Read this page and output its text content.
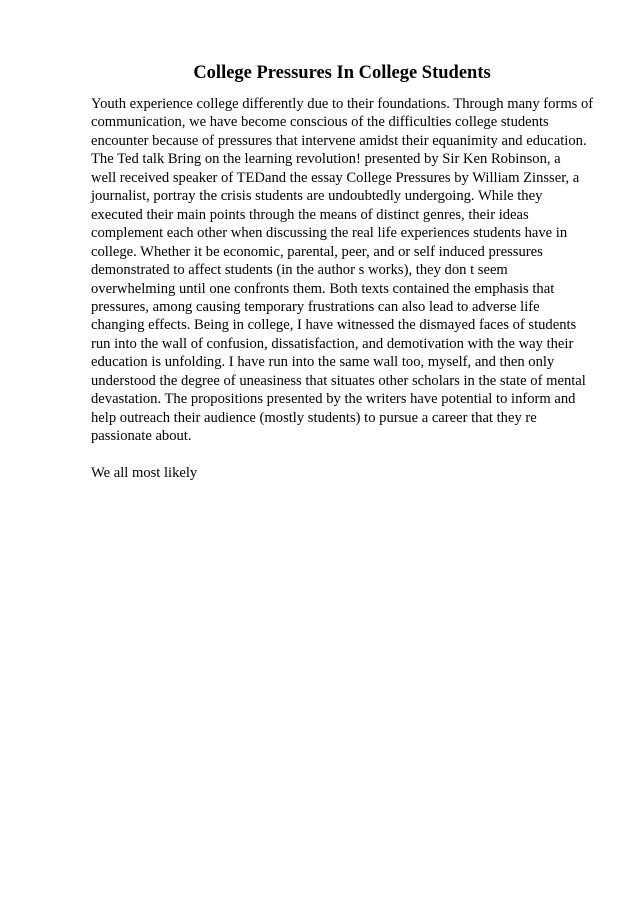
College Pressures In College Students
Youth experience college differently due to their foundations. Through many forms of
communication, we have become conscious of the difficulties college students
encounter because of pressures that intervene amidst their equanimity and education.
The Ted talk Bring on the learning revolution! presented by Sir Ken Robinson, a
well received speaker of TEDand the essay College Pressures by William Zinsser, a
journalist, portray the crisis students are undoubtedly undergoing. While they
executed their main points through the means of distinct genres, their ideas
complement each other when discussing the real life experiences students have in
college. Whether it be economic, parental, peer, and or self induced pressures
demonstrated to affect students (in the author s works), they don t seem
overwhelming until one confronts them. Both texts contained the emphasis that
pressures, among causing temporary frustrations can also lead to adverse life
changing effects. Being in college, I have witnessed the dismayed faces of students
run into the wall of confusion, dissatisfaction, and demotivation with the way their
education is unfolding. I have run into the same wall too, myself, and then only
understood the degree of uneasiness that situates other scholars in the state of mental
devastation. The propositions presented by the writers have potential to inform and
help outreach their audience (mostly students) to pursue a career that they re
passionate about.
We all most likely
